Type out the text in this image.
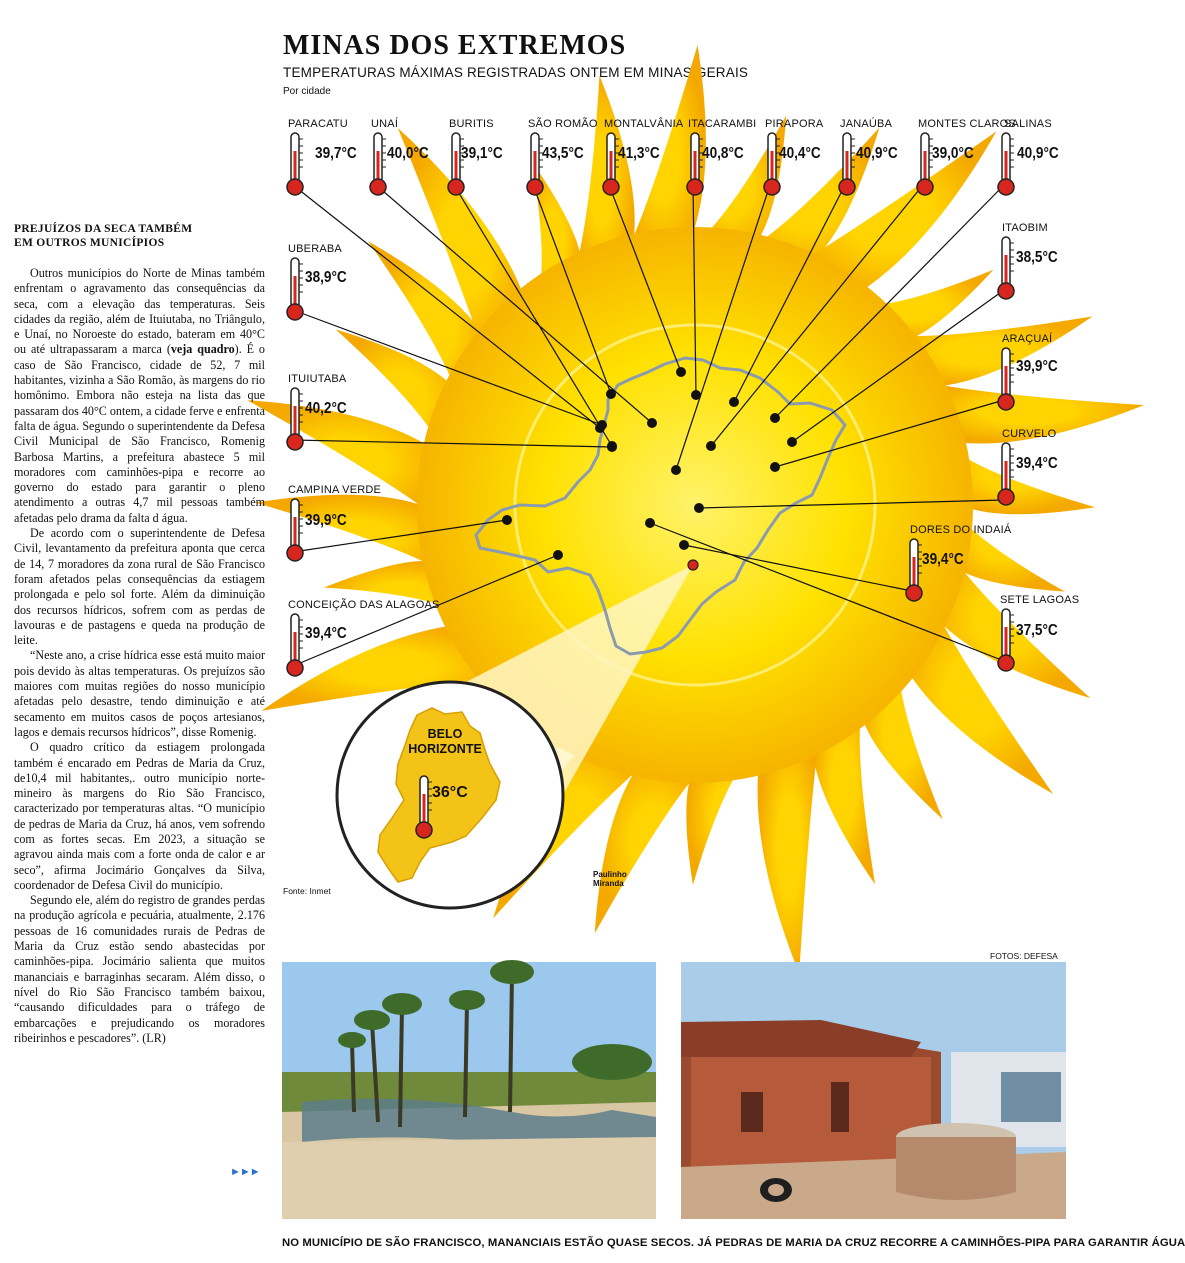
MINAS DOS EXTREMOS
TEMPERATURAS MÁXIMAS REGISTRADAS ONTEM EM MINAS GERAIS
Por cidade
PARACATU
39,7°C
UNAÍ
40,0°C
BURITIS
39,1°C
SÃO ROMÃO
43,5°C
MONTALVÂNIA
41,3°C
ITACARAMBI
40,8°C
PIRAPORA
40,4°C
JANAÚBA
40,9°C
MONTES CLAROS
39,0°C
SALINAS
40,9°C
UBERABA
38,9°C
ITAOBIM
38,5°C
ARAÇUAÍ
39,9°C
ITUIUTABA
40,2°C
CURVELO
39,4°C
CAMPINA VERDE
39,9°C
DORES DO INDAIÁ
39,4°C
CONCEIÇÃO DAS ALAGOAS
39,4°C
SETE LAGOAS
37,5°C
BELO
HORIZONTE
36°C
Fonte: Inmet
Paulinho
Miranda
PREJUÍZOS DA SECA TAMBÉM
EM OUTROS MUNICÍPIOS

Outros municípios do Norte de Minas também enfrentam o agravamento das consequências da seca, com a elevação das temperaturas. Seis cidades da região, além de Ituiutaba, no Triângulo, e Unaí, no Noroeste do estado, bateram em 40°C ou até ultrapassaram a marca (veja quadro). É o caso de São Francisco, cidade de 52, 7 mil habitantes, vizinha a São Romão, às margens do rio homônimo. Embora não esteja na lista das que passaram dos 40°C ontem, a cidade ferve e enfrenta falta de água. Segundo o superintendente da Defesa Civil Municipal de São Francisco, Romenig Barbosa Martins, a prefeitura abastece 5 mil moradores com caminhões-pipa e recorre ao governo do estado para garantir o pleno atendimento a outras 4,7 mil pessoas também afetadas pelo drama da falta d água.

De acordo com o superintendente de Defesa Civil, levantamento da prefeitura aponta que cerca de 14, 7 moradores da zona rural de São Francisco foram afetados pelas consequências da estiagem prolongada e pelo sol forte. Além da diminuição dos recursos hídricos, sofrem com as perdas de lavouras e de pastagens e queda na produção de leite.

“Neste ano, a crise hídrica esse está muito maior pois devido às altas temperaturas. Os prejuízos são maiores com muitas regiões do nosso município afetadas pelo desastre, tendo diminuição e até secamento em muitos casos de poços artesianos, lagos e demais recursos hídricos”, disse Romenig.

O quadro crítico da estiagem prolongada também é encarado em Pedras de Maria da Cruz, de10,4 mil habitantes,. outro município norte-mineiro às margens do Rio São Francisco, caracterizado por temperaturas altas. “O município de pedras de Maria da Cruz, há anos, vem sofrendo com as fortes secas. Em 2023, a situação se agravou ainda mais com a forte onda de calor e ar seco”, afirma Jocimário Gonçalves da Silva, coordenador de Defesa Civil do município.

Segundo ele, além do registro de grandes perdas na produção agrícola e pecuária, atualmente, 2.176 pessoas de 16 comunidades rurais de Pedras de Maria da Cruz estão sendo abastecidas por caminhões-pipa. Jocimário salienta que muitos mananciais e barraginhas secaram. Além disso, o nível do Rio São Francisco também baixou, “causando dificuldades para o tráfego de embarcações e prejudicando os moradores ribeirinhos e pescadores”. (LR)

►►►
FOTOS: DEFESA
NO MUNICÍPIO DE SÃO FRANCISCO, MANANCIAIS ESTÃO QUASE SECOS. JÁ PEDRAS DE MARIA DA CRUZ RECORRE A CAMINHÕES-PIPA PARA GARANTIR ÁGUA
